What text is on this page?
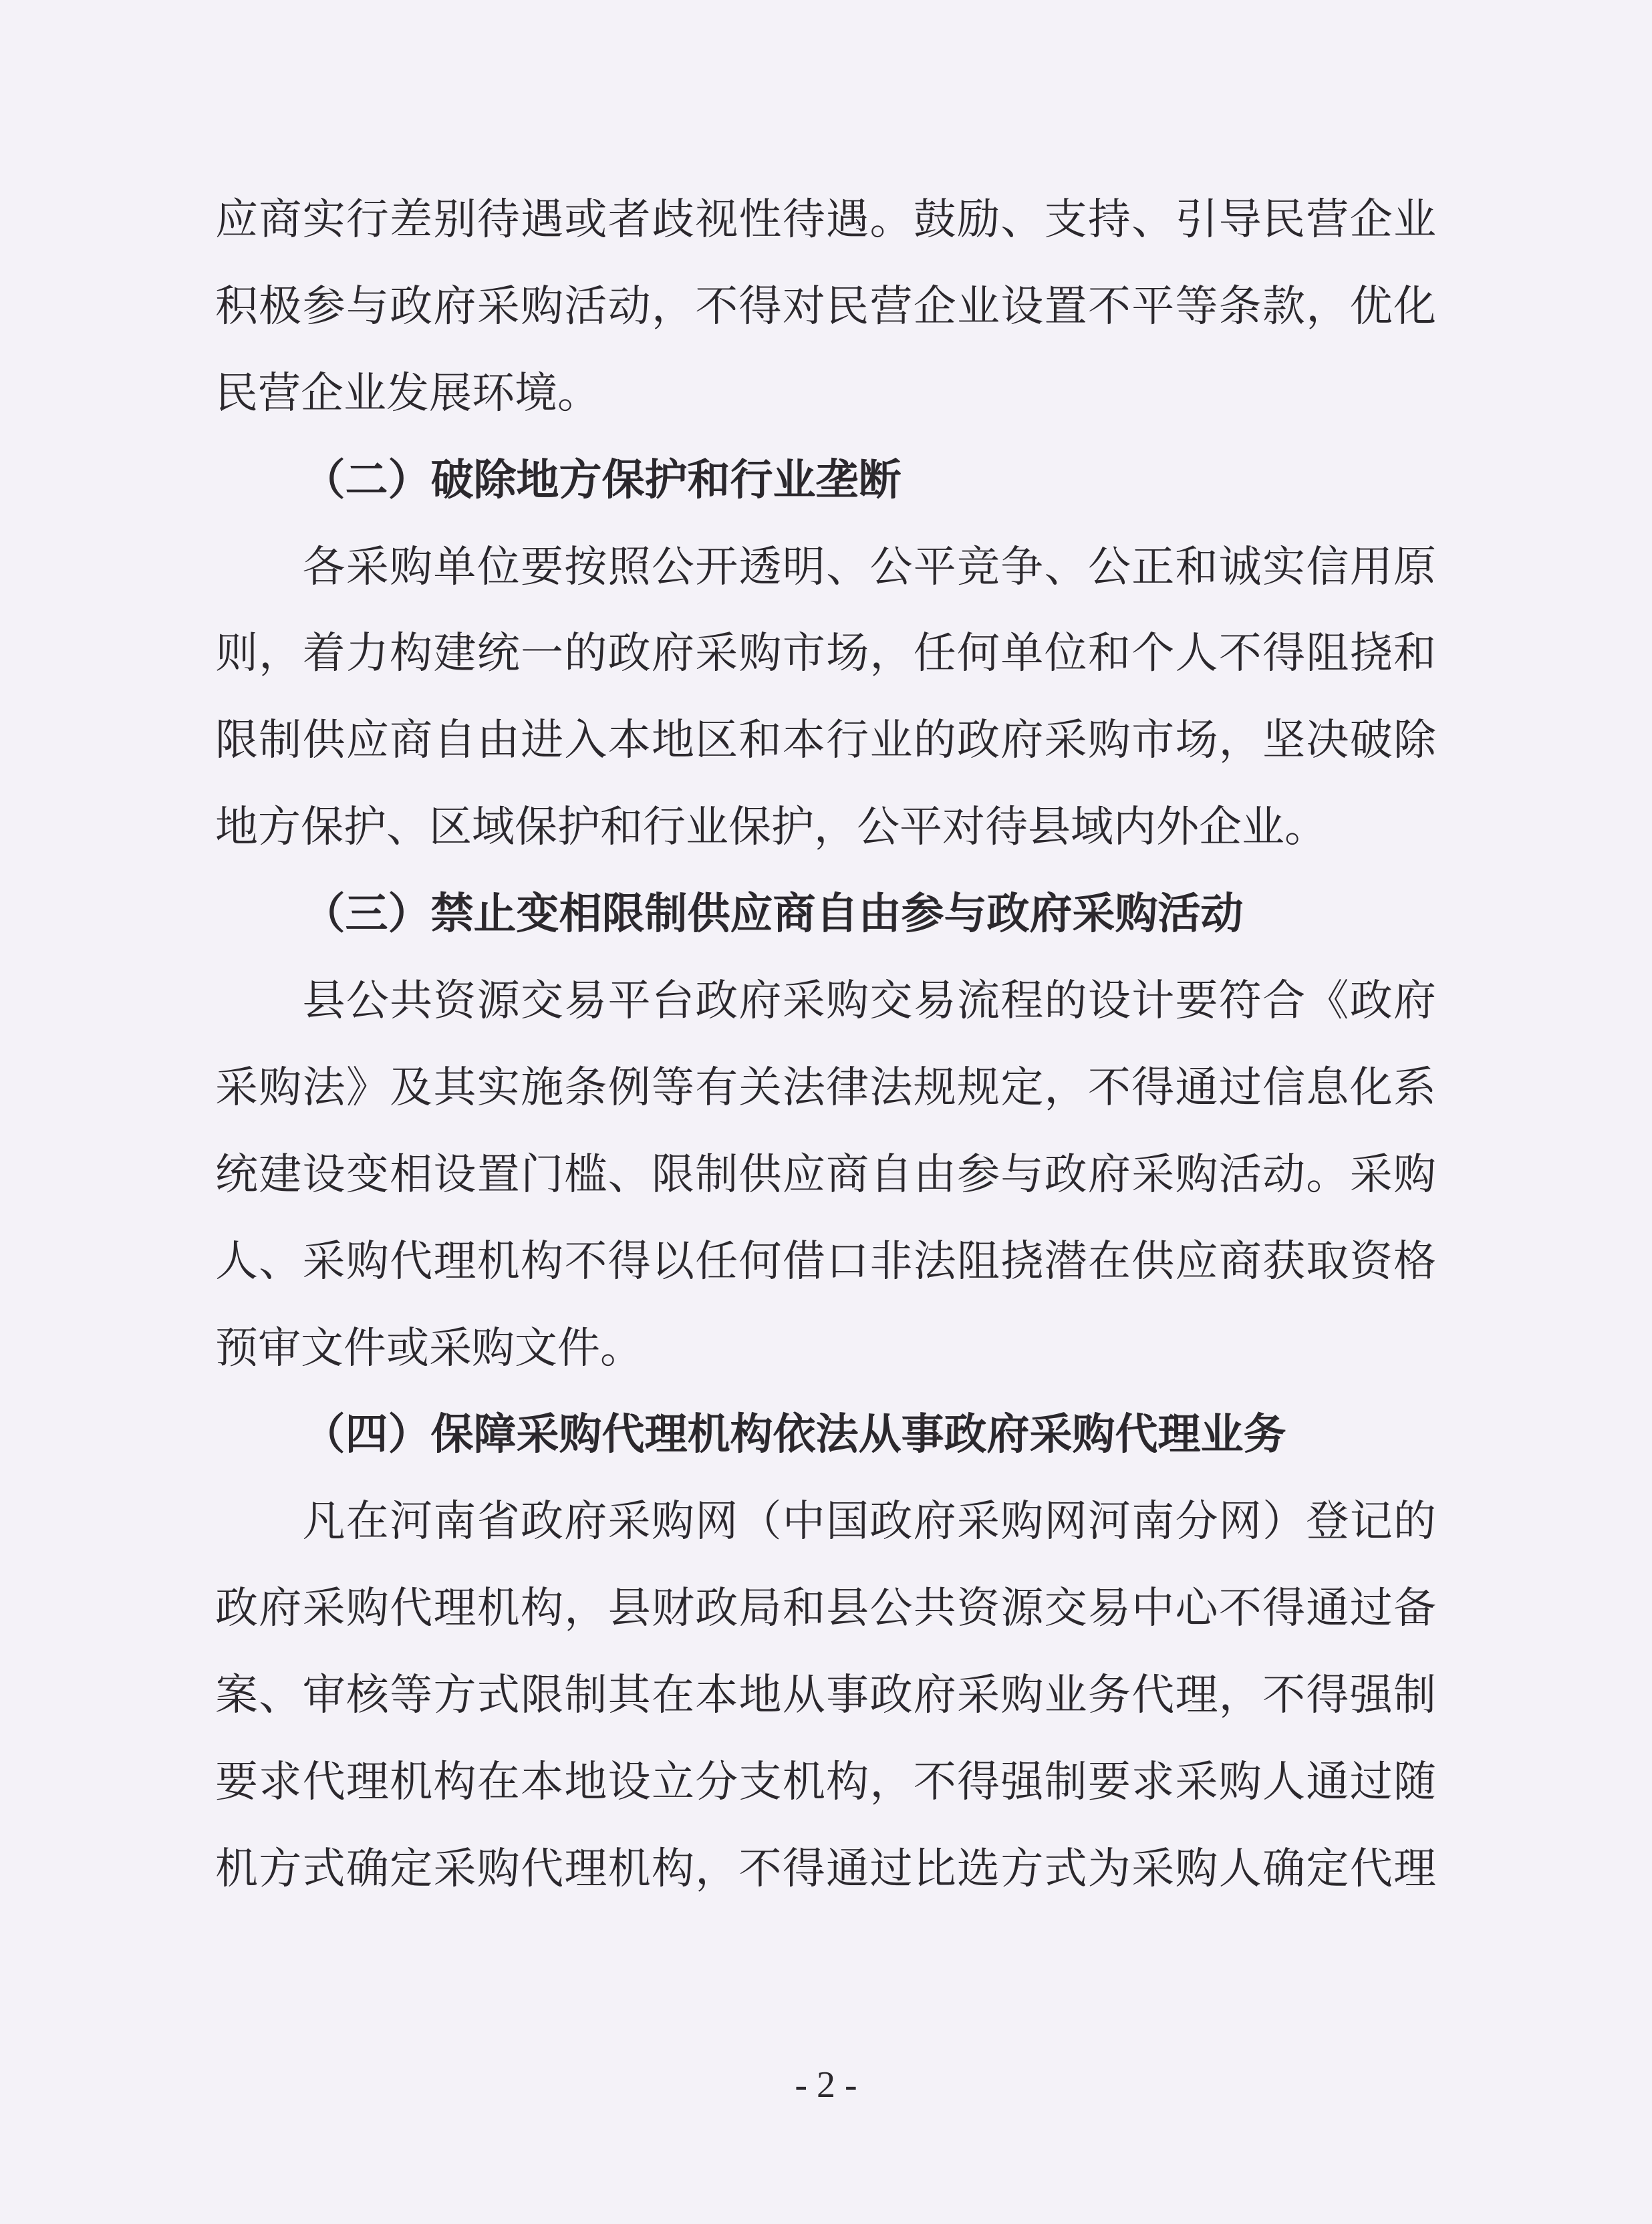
应商实行差别待遇或者歧视性待遇。鼓励、支持、引导民营企业
积极参与政府采购活动，不得对民营企业设置不平等条款，优化
民营企业发展环境。
（二）破除地方保护和行业垄断
各采购单位要按照公开透明、公平竞争、公正和诚实信用原
则，着力构建统一的政府采购市场，任何单位和个人不得阻挠和
限制供应商自由进入本地区和本行业的政府采购市场，坚决破除
地方保护、区域保护和行业保护，公平对待县域内外企业。
（三）禁止变相限制供应商自由参与政府采购活动
县公共资源交易平台政府采购交易流程的设计要符合《政府
采购法》及其实施条例等有关法律法规规定，不得通过信息化系
统建设变相设置门槛、限制供应商自由参与政府采购活动。采购
人、采购代理机构不得以任何借口非法阻挠潜在供应商获取资格
预审文件或采购文件。
（四）保障采购代理机构依法从事政府采购代理业务
凡在河南省政府采购网（中国政府采购网河南分网）登记的
政府采购代理机构，县财政局和县公共资源交易中心不得通过备
案、审核等方式限制其在本地从事政府采购业务代理，不得强制
要求代理机构在本地设立分支机构，不得强制要求采购人通过随
机方式确定采购代理机构，不得通过比选方式为采购人确定代理
- 2 -
